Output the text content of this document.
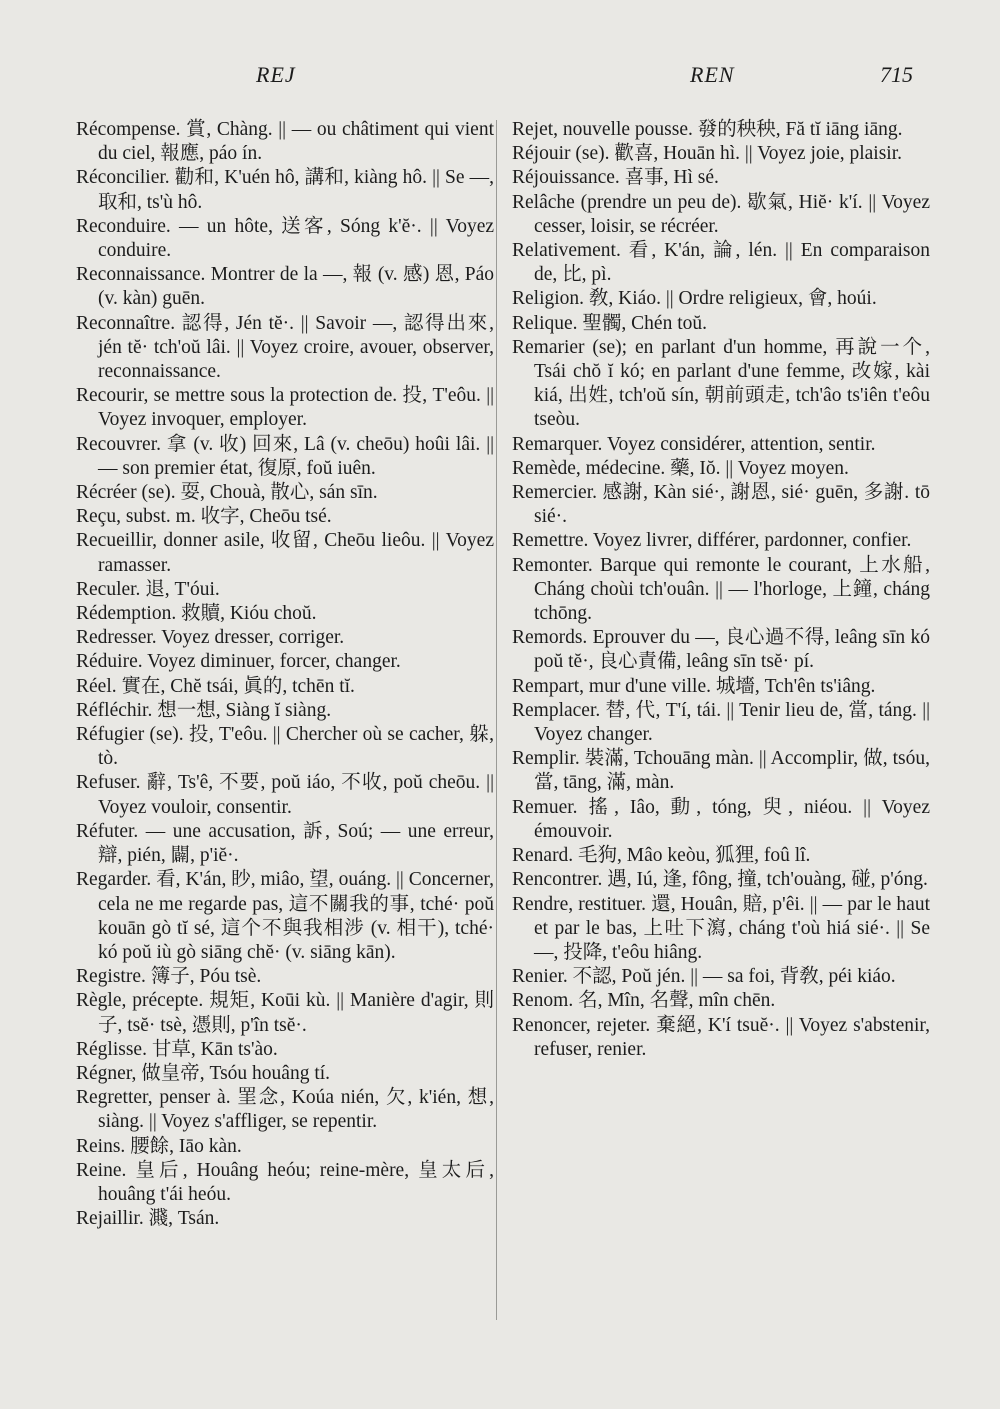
REJ	REN	715

Récompense. 賞, Chàng. || — ou châtiment qui vient du ciel, 報應, páo ín.

Réconcilier. 勸和, K'uén hô, 講和, kiàng hô. || Se —, 取和, ts'ù hô.

Reconduire. — un hôte, 送客, Sóng k'ĕ·. || Voyez conduire.

Reconnaissance. Montrer de la —, 報 (v. 感) 恩, Páo (v. kàn) guēn.

Reconnaître. 認得, Jén tĕ·. || Savoir —, 認得出來, jén tĕ· tch'oŭ lâi. || Voyez croire, avouer, observer, reconnaissance.

Recourir, se mettre sous la protection de. 投, T'eôu. || Voyez invoquer, employer.

Recouvrer. 拿 (v. 收) 回來, Lâ (v. cheōu) hoûi lâi. || — son premier état, 復原, foŭ iuên.

Récréer (se). 耍, Chouà, 散心, sán sīn.

Reçu, subst. m. 收字, Cheōu tsé.

Recueillir, donner asile, 收留, Cheōu lieôu. || Voyez ramasser.

Reculer. 退, T'óui.

Rédemption. 救贖, Kióu choŭ.

Redresser. Voyez dresser, corriger.

Réduire. Voyez diminuer, forcer, changer.

Réel. 實在, Chĕ tsái, 眞的, tchēn tĭ.

Réfléchir. 想一想, Siàng ĭ siàng.

Réfugier (se). 投, T'eôu. || Chercher où se cacher, 躲, tò.

Refuser. 辭, Ts'ê, 不要, poŭ iáo, 不收, poŭ cheōu. || Voyez vouloir, consentir.

Réfuter. — une accusation, 訴, Soú; — une erreur, 辯, pién, 闢, p'iĕ·.

Regarder. 看, K'án, 眇, miâo, 望, ouáng. || Concerner, cela ne me regarde pas, 這不關我的事, tché· poŭ kouān gò tĭ sé, 這个不與我相涉 (v. 相干), tché· kó poŭ iù gò siāng chĕ· (v. siāng kān).

Registre. 簿子, Póu tsè.

Règle, précepte. 規矩, Koūi kù. || Manière d'agir, 則子, tsĕ· tsè, 憑則, p'în tsĕ·.

Réglisse. 甘草, Kān ts'ào.

Régner, 做皇帝, Tsóu houâng tí.

Regretter, penser à. 罣念, Koúa nién, 欠, k'ién, 想, siàng. || Voyez s'affliger, se repentir.

Reins. 腰餘, Iāo kàn.

Reine. 皇后, Houâng heóu; reine-mère, 皇太后, houâng t'ái heóu.

Rejaillir. 濺, Tsán.

Rejet, nouvelle pousse. 發的秧秧, Fă tĭ iāng iāng.

Réjouir (se). 歡喜, Houān hì. || Voyez joie, plaisir.

Réjouissance. 喜事, Hì sé.

Relâche (prendre un peu de). 歇氣, Hiĕ· k'í. || Voyez cesser, loisir, se récréer.

Relativement. 看, K'án, 論, lén. || En comparaison de, 比, pì.

Religion. 敎, Kiáo. || Ordre religieux, 會, hoúi.

Relique. 聖髑, Chén toŭ.

Remarier (se); en parlant d'un homme, 再說一个, Tsái chŏ ĭ kó; en parlant d'une femme, 改嫁, kài kiá, 出姓, tch'oŭ sín, 朝前頭走, tch'âo ts'iên t'eôu tseòu.

Remarquer. Voyez considérer, attention, sentir.

Remède, médecine. 藥, Iŏ. || Voyez moyen.

Remercier. 感謝, Kàn sié·, 謝恩, sié· guēn, 多謝. tō sié·.

Remettre. Voyez livrer, différer, pardonner, confier.

Remonter. Barque qui remonte le courant, 上水船, Cháng choùi tch'ouân. || — l'horloge, 上鐘, cháng tchōng.

Remords. Eprouver du —, 良心過不得, leâng sīn kó poŭ tĕ·, 良心責備, leâng sīn tsĕ· pí.

Rempart, mur d'une ville. 城墻, Tch'ên ts'iâng.

Remplacer. 替, 代, T'í, tái. || Tenir lieu de, 當, táng. || Voyez changer.

Remplir. 裝滿, Tchouāng màn. || Accomplir, 做, tsóu, 當, tāng, 滿, màn.

Remuer. 搖, Iâo, 動, tóng, 臾, niéou. || Voyez émouvoir.

Renard. 毛狗, Mâo keòu, 狐狸, foû lî.

Rencontrer. 遇, Iú, 逢, fông, 撞, tch'ouàng, 碰, p'óng.

Rendre, restituer. 還, Houân, 賠, p'êi. || — par le haut et par le bas, 上吐下瀉, cháng t'où hiá sié·. || Se —, 投降, t'eôu hiâng.

Renier. 不認, Poŭ jén. || — sa foi, 背敎, péi kiáo.

Renom. 名, Mîn, 名聲, mîn chēn.

Renoncer, rejeter. 棄絕, K'í tsuĕ·. || Voyez s'abstenir, refuser, renier.
